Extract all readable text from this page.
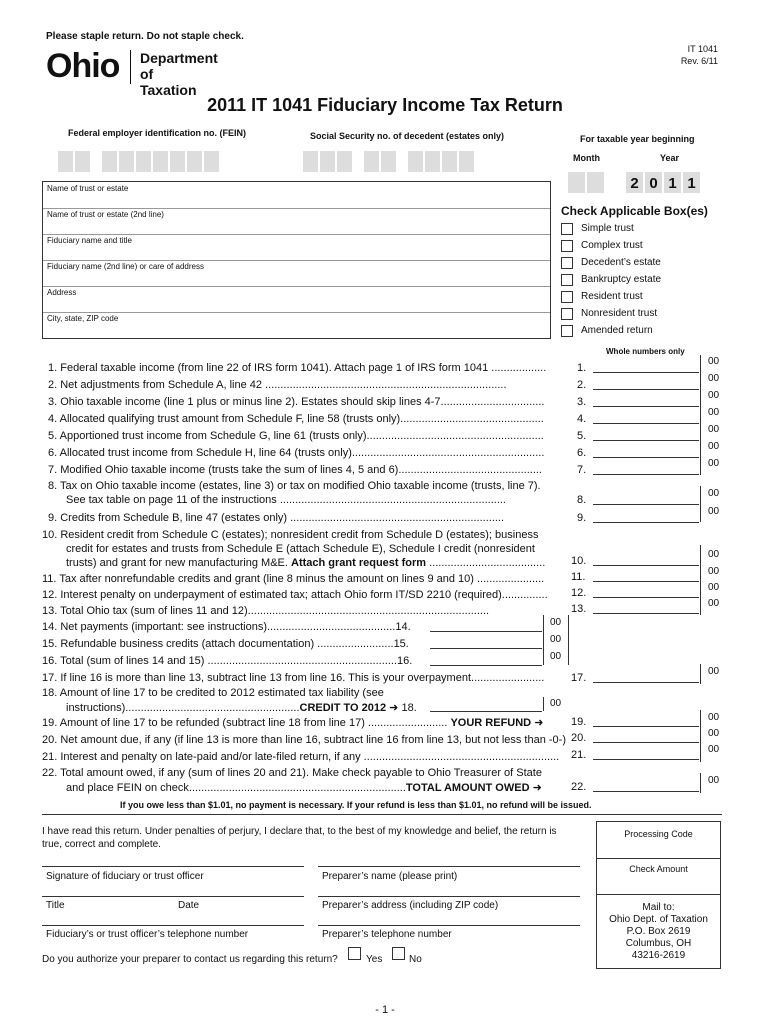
Please staple return. Do not staple check.
IT 1041
Rev. 6/11
Ohio Department of
Taxation
2011 IT 1041 Fiduciary Income Tax Return
Federal employer identification no. (FEIN)	Social Security no. of decedent (estates only)	For taxable year beginning
Month	Year
2 0 1 1
Name of trust or estate
Name of trust or estate (2nd line)
Fiduciary name and title
Fiduciary name (2nd line) or care of address
Address
City, state, ZIP code
Check Applicable Box(es)
Simple trust
Complex trust
Decedent’s estate
Bankruptcy estate
Resident trust
Nonresident trust
Amended return
Whole numbers only
1. Federal taxable income (from line 22 of IRS form 1041). Attach page 1 of IRS form 1041 ..................	1.
00
2. Net adjustments from Schedule A, line 42 ...............................................................................	2.
00
3. Ohio taxable income (line 1 plus or minus line 2). Estates should skip lines 4-7..................................	3.
00
4. Allocated qualifying trust amount from Schedule F, line 58 (trusts only)...............................................	4.
00
5. Apportioned trust income from Schedule G, line 61 (trusts only)..........................................................	5.
00
6. Allocated trust income from Schedule H, line 64 (trusts only)...............................................................	6.
00
7. Modified Ohio taxable income (trusts take the sum of lines 4, 5 and 6)...............................................	7.
00
8. Tax on Ohio taxable income (estates, line 3) or tax on modified Ohio taxable income (trusts, line 7).
See tax table on page 11 of the instructions ..........................................................................	8.
00
9. Credits from Schedule B, line 47 (estates only) ......................................................................	9.
00
10. Resident credit from Schedule C (estates); nonresident credit from Schedule D (estates); business
credit for estates and trusts from Schedule E (attach Schedule E), Schedule I credit (nonresident
trusts) and grant for new manufacturing M&E. Attach grant request form ...................................... 10.
00
11. Tax after nonrefundable credits and grant (line 8 minus the amount on lines 9 and 10) ...................... 11.	00
12. Interest penalty on underpayment of estimated tax; attach Ohio form IT/SD 2210 (required)............... 12.	00
13. Total Ohio tax (sum of lines 11 and 12)...............................................................................	13.	00
14. Net payments (important: see instructions)..........................................14.	00
15. Refundable business credits (attach documentation) .........................15.	00
16. Total (sum of lines 14 and 15) ..............................................................16.	00
17. If line 16 is more than line 13, subtract line 13 from line 16. This is your overpayment........................ 17.
00
18. Amount of line 17 to be credited to 2012 estimated tax liability (see
instructions).........................................................CREDIT TO 2012 ➜ 18.	00
19. Amount of line 17 to be refunded (subtract line 18 from line 17) .......................... YOUR REFUND ➜	19.	00
20. Net amount due, if any (if line 13 is more than line 16, subtract line 16 from line 13, but not less than -0-) 20.	00
21. Interest and penalty on late-paid and/or late-filed return, if any ................................................................ 21.	00
22. Total amount owed, if any (sum of lines 20 and 21). Make check payable to Ohio Treasurer of State
and place FEIN on check.......................................................................TOTAL AMOUNT OWED ➜	22.
00
If you owe less than $1.01, no payment is necessary. If your refund is less than $1.01, no refund will be issued.
I have read this return. Under penalties of perjury, I declare that, to the best of my knowledge and belief, the return is true, correct and complete.
Signature of fiduciary or trust officer	Preparer’s name (please print)
Title	Date	Preparer’s address (including ZIP code)
Fiduciary’s or trust officer’s telephone number	Preparer’s telephone number
Do you authorize your preparer to contact us regarding this return?	Yes	No
Processing Code
Check Amount
Mail to:
Ohio Dept. of Taxation
P.O. Box 2619
Columbus, OH
43216-2619
- 1 -
